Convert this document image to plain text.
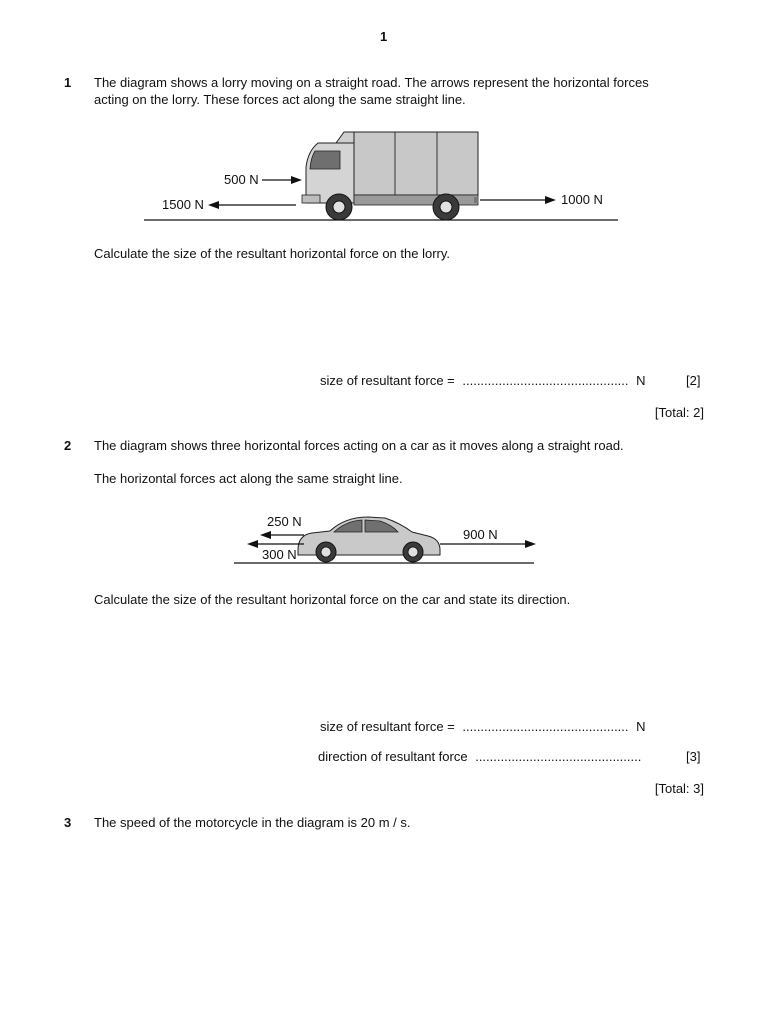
1
1 The diagram shows a lorry moving on a straight road. The arrows represent the horizontal forces
acting on the lorry. These forces act along the same straight line.
500 N
1500 N	1000 N
Calculate the size of the resultant horizontal force on the lorry.
size of resultant force = .............................................. N	[2]
[Total: 2]
2 The diagram shows three horizontal forces acting on a car as it moves along a straight road.
The horizontal forces act along the same straight line.
250 N
300 N
900 N
Calculate the size of the resultant horizontal force on the car and state its direction.
size of resultant force = .............................................. N
direction of resultant force ..............................................	[3]
[Total: 3]
3 The speed of the motorcycle in the diagram is 20 m / s.
